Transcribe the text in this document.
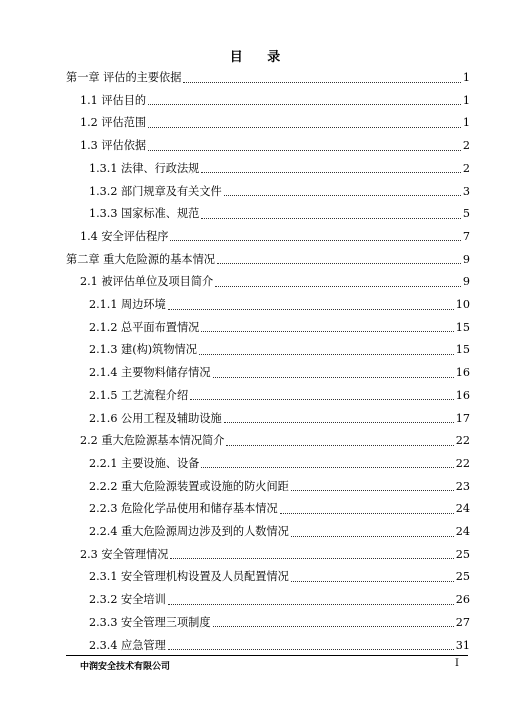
目 录
第一章 评估的主要依据	1
1.1 评估目的	1
1.2 评估范围	1
1.3 评估依据	2
1.3.1 法律、行政法规	2
1.3.2 部门规章及有关文件	3
1.3.3 国家标准、规范	5
1.4 安全评估程序	7
第二章 重大危险源的基本情况	9
2.1 被评估单位及项目简介	9
2.1.1 周边环境	10
2.1.2 总平面布置情况	15
2.1.3 建(构)筑物情况	15
2.1.4 主要物料储存情况	16
2.1.5 工艺流程介绍	16
2.1.6 公用工程及辅助设施	17
2.2 重大危险源基本情况简介	22
2.2.1 主要设施、设备	22
2.2.2 重大危险源装置或设施的防火间距	23
2.2.3 危险化学品使用和储存基本情况	24
2.2.4 重大危险源周边涉及到的人数情况	24
2.3 安全管理情况	25
2.3.1 安全管理机构设置及人员配置情况	25
2.3.2 安全培训	26
2.3.3 安全管理三项制度	27
2.3.4 应急管理	31
中润安全技术有限公司	I
